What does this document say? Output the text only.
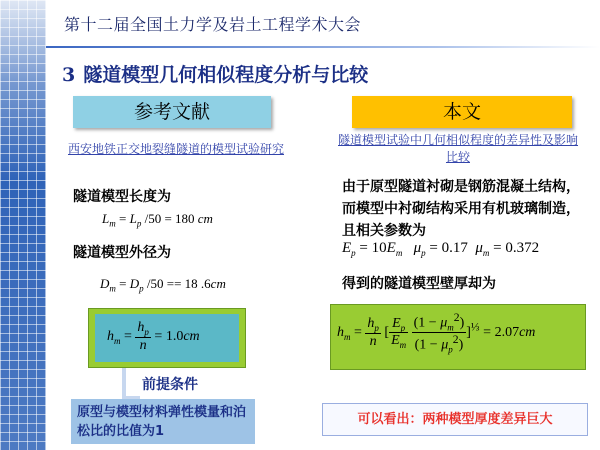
第十二届全国土力学及岩土工程学术大会
3 隧道模型几何相似程度分析与比较
参考文献
西安地铁正交地裂缝隧道的模型试验研究
隧道模型长度为
$L_m = L_p$ /50 = 180 cm
隧道模型外径为
$D_m = D_p$ /50 == 18 .6cm
$h_m = \frac{h_p}{n} = 1.0cm$
前提条件
原型与模型材料弹性模量和泊松比的比值为1
本文
隧道模型试验中几何相似程度的差异性及影响比较
由于原型隧道衬砌是钢筋混凝土结构，而模型中衬砌结构采用有机玻璃制造，且相关参数为
$E_p = 10E_m$ $\mu_p = 0.17$ $\mu_m = 0.372$
得到的隧道模型壁厚却为
$h_m = \frac{h_p}{n}$ [ $\frac{E_p}{E_m}$
$\frac{(1 - \mu_m^2)}{(1 - \mu_p^2)} ]^{\frac{1}{3}} = 2.07cm$
可以看出：两种模型厚度差异巨大
